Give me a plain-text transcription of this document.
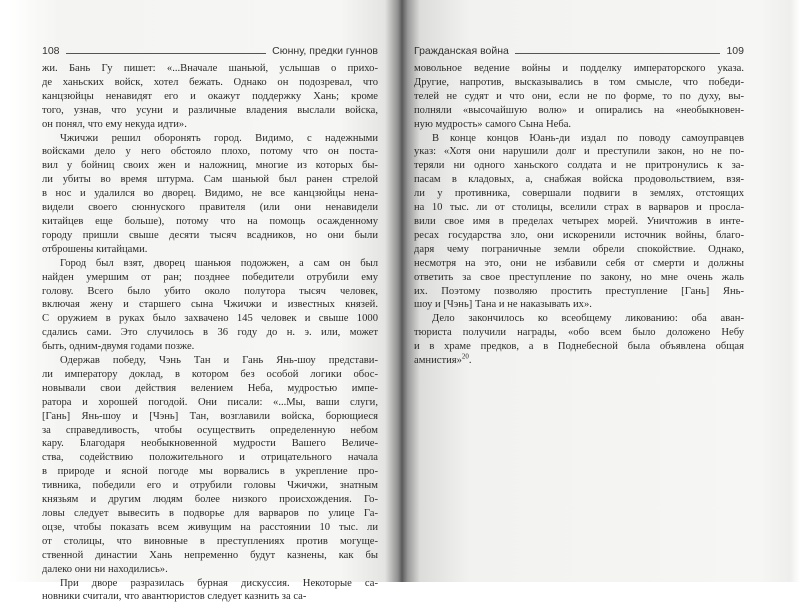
108	Сюнну, предки гуннов

жи. Бань Гу пишет: «...Вначале шаньюй, услышав о прихо-
де ханьских войск, хотел бежать. Однако он подозревал, что
канцзюйцы ненавидят его и окажут поддержку Хань; кроме
того, узнав, что усуни и различные владения выслали войска,
он понял, что ему некуда идти».

Чжичжи решил оборонять город. Видимо, с надежными
войсками дело у него обстояло плохо, потому что он поста-
вил у бойниц своих жен и наложниц, многие из которых бы-
ли убиты во время штурма. Сам шаньюй был ранен стрелой
в нос и удалился во дворец. Видимо, не все канцзюйцы нена-
видели своего сюннуского правителя (или они ненавидели
китайцев еще больше), потому что на помощь осажденному
городу пришли свыше десяти тысяч всадников, но они были
отброшены китайцами.

Город был взят, дворец шаньюя подожжен, а сам он был
найден умершим от ран; позднее победители отрубили ему
голову. Всего было убито около полутора тысяч человек,
включая жену и старшего сына Чжичжи и известных князей.
С оружием в руках было захвачено 145 человек и свыше 1000
сдались сами. Это случилось в 36 году до н. э. или, может
быть, одним-двумя годами позже.

Одержав победу, Чэнь Тан и Гань Янь-шоу представи-
ли императору доклад, в котором без особой логики обос-
новывали свои действия велением Неба, мудростью импе-
ратора и хорошей погодой. Они писали: «...Мы, ваши слуги,
[Гань] Янь-шоу и [Чэнь] Тан, возглавили войска, борющиеся
за справедливость, чтобы осуществить определенную небом
кару. Благодаря необыкновенной мудрости Вашего Величе-
ства, содействию положительного и отрицательного начала
в природе и ясной погоде мы ворвались в укрепление про-
тивника, победили его и отрубили головы Чжичжи, знатным
князьям и другим людям более низкого происхождения. Го-
ловы следует вывесить в подворье для варваров по улице Га-
оцзе, чтобы показать всем живущим на расстоянии 10 тыс. ли
от столицы, что виновные в преступлениях против могуще-
ственной династии Хань непременно будут казнены, как бы
далеко они ни находились».

При дворе разразилась бурная дискуссия. Некоторые са-
новники считали, что авантюристов следует казнить за са-

Гражданская война	109

мовольное ведение войны и подделку императорского указа.
Другие, напротив, высказывались в том смысле, что победи-
телей не судят и что они, если не по форме, то по духу, вы-
полняли «высочайшую волю» и опирались на «необыкновен-
ную мудрость» самого Сына Неба.

В конце концов Юань-ди издал по поводу самоуправцев
указ: «Хотя они нарушили долг и преступили закон, но не по-
теряли ни одного ханьского солдата и не притронулись к за-
пасам в кладовых, а, снабжая войска продовольствием, взя-
ли у противника, совершали подвиги в землях, отстоящих
на 10 тыс. ли от столицы, вселили страх в варваров и просла-
вили свое имя в пределах четырех морей. Уничтожив в инте-
ресах государства зло, они искоренили источник войны, благо-
даря чему пограничные земли обрели спокойствие. Однако,
несмотря на это, они не избавили себя от смерти и должны
ответить за свое преступление по закону, но мне очень жаль
их. Поэтому позволяю простить преступление [Гань] Янь-
шоу и [Чэнь] Тана и не наказывать их».

Дело закончилось ко всеобщему ликованию: оба аван-
тюриста получили награды, «обо всем было доложено Небу
и в храме предков, а в Поднебесной была объявлена общая
амнистия»$^{20}$.
